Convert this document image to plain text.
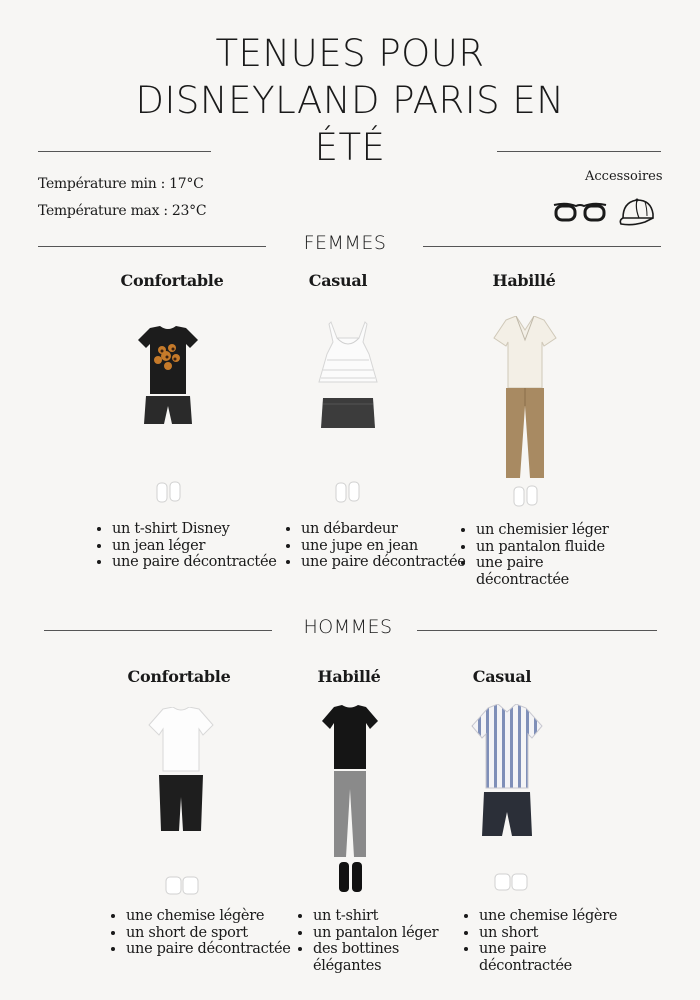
TENUES POUR
DISNEYLAND PARIS EN
ÉTÉ
Température min : 17°C
Température max : 23°C
Accessoires
FEMMES
Confortable	Casual	Habillé
• un t-shirt Disney
• un jean léger
• une paire décontractée
• un débardeur
• une jupe en jean
• une paire décontractée
• un chemisier léger
• un pantalon fluide
• une paire décontractée
HOMMES
Confortable	Habillé	Casual
• une chemise légère
• un short de sport
• une paire décontractée
• un t-shirt
• un pantalon léger
• des bottines élégantes
• une chemise légère
• un short
• une paire décontractée
